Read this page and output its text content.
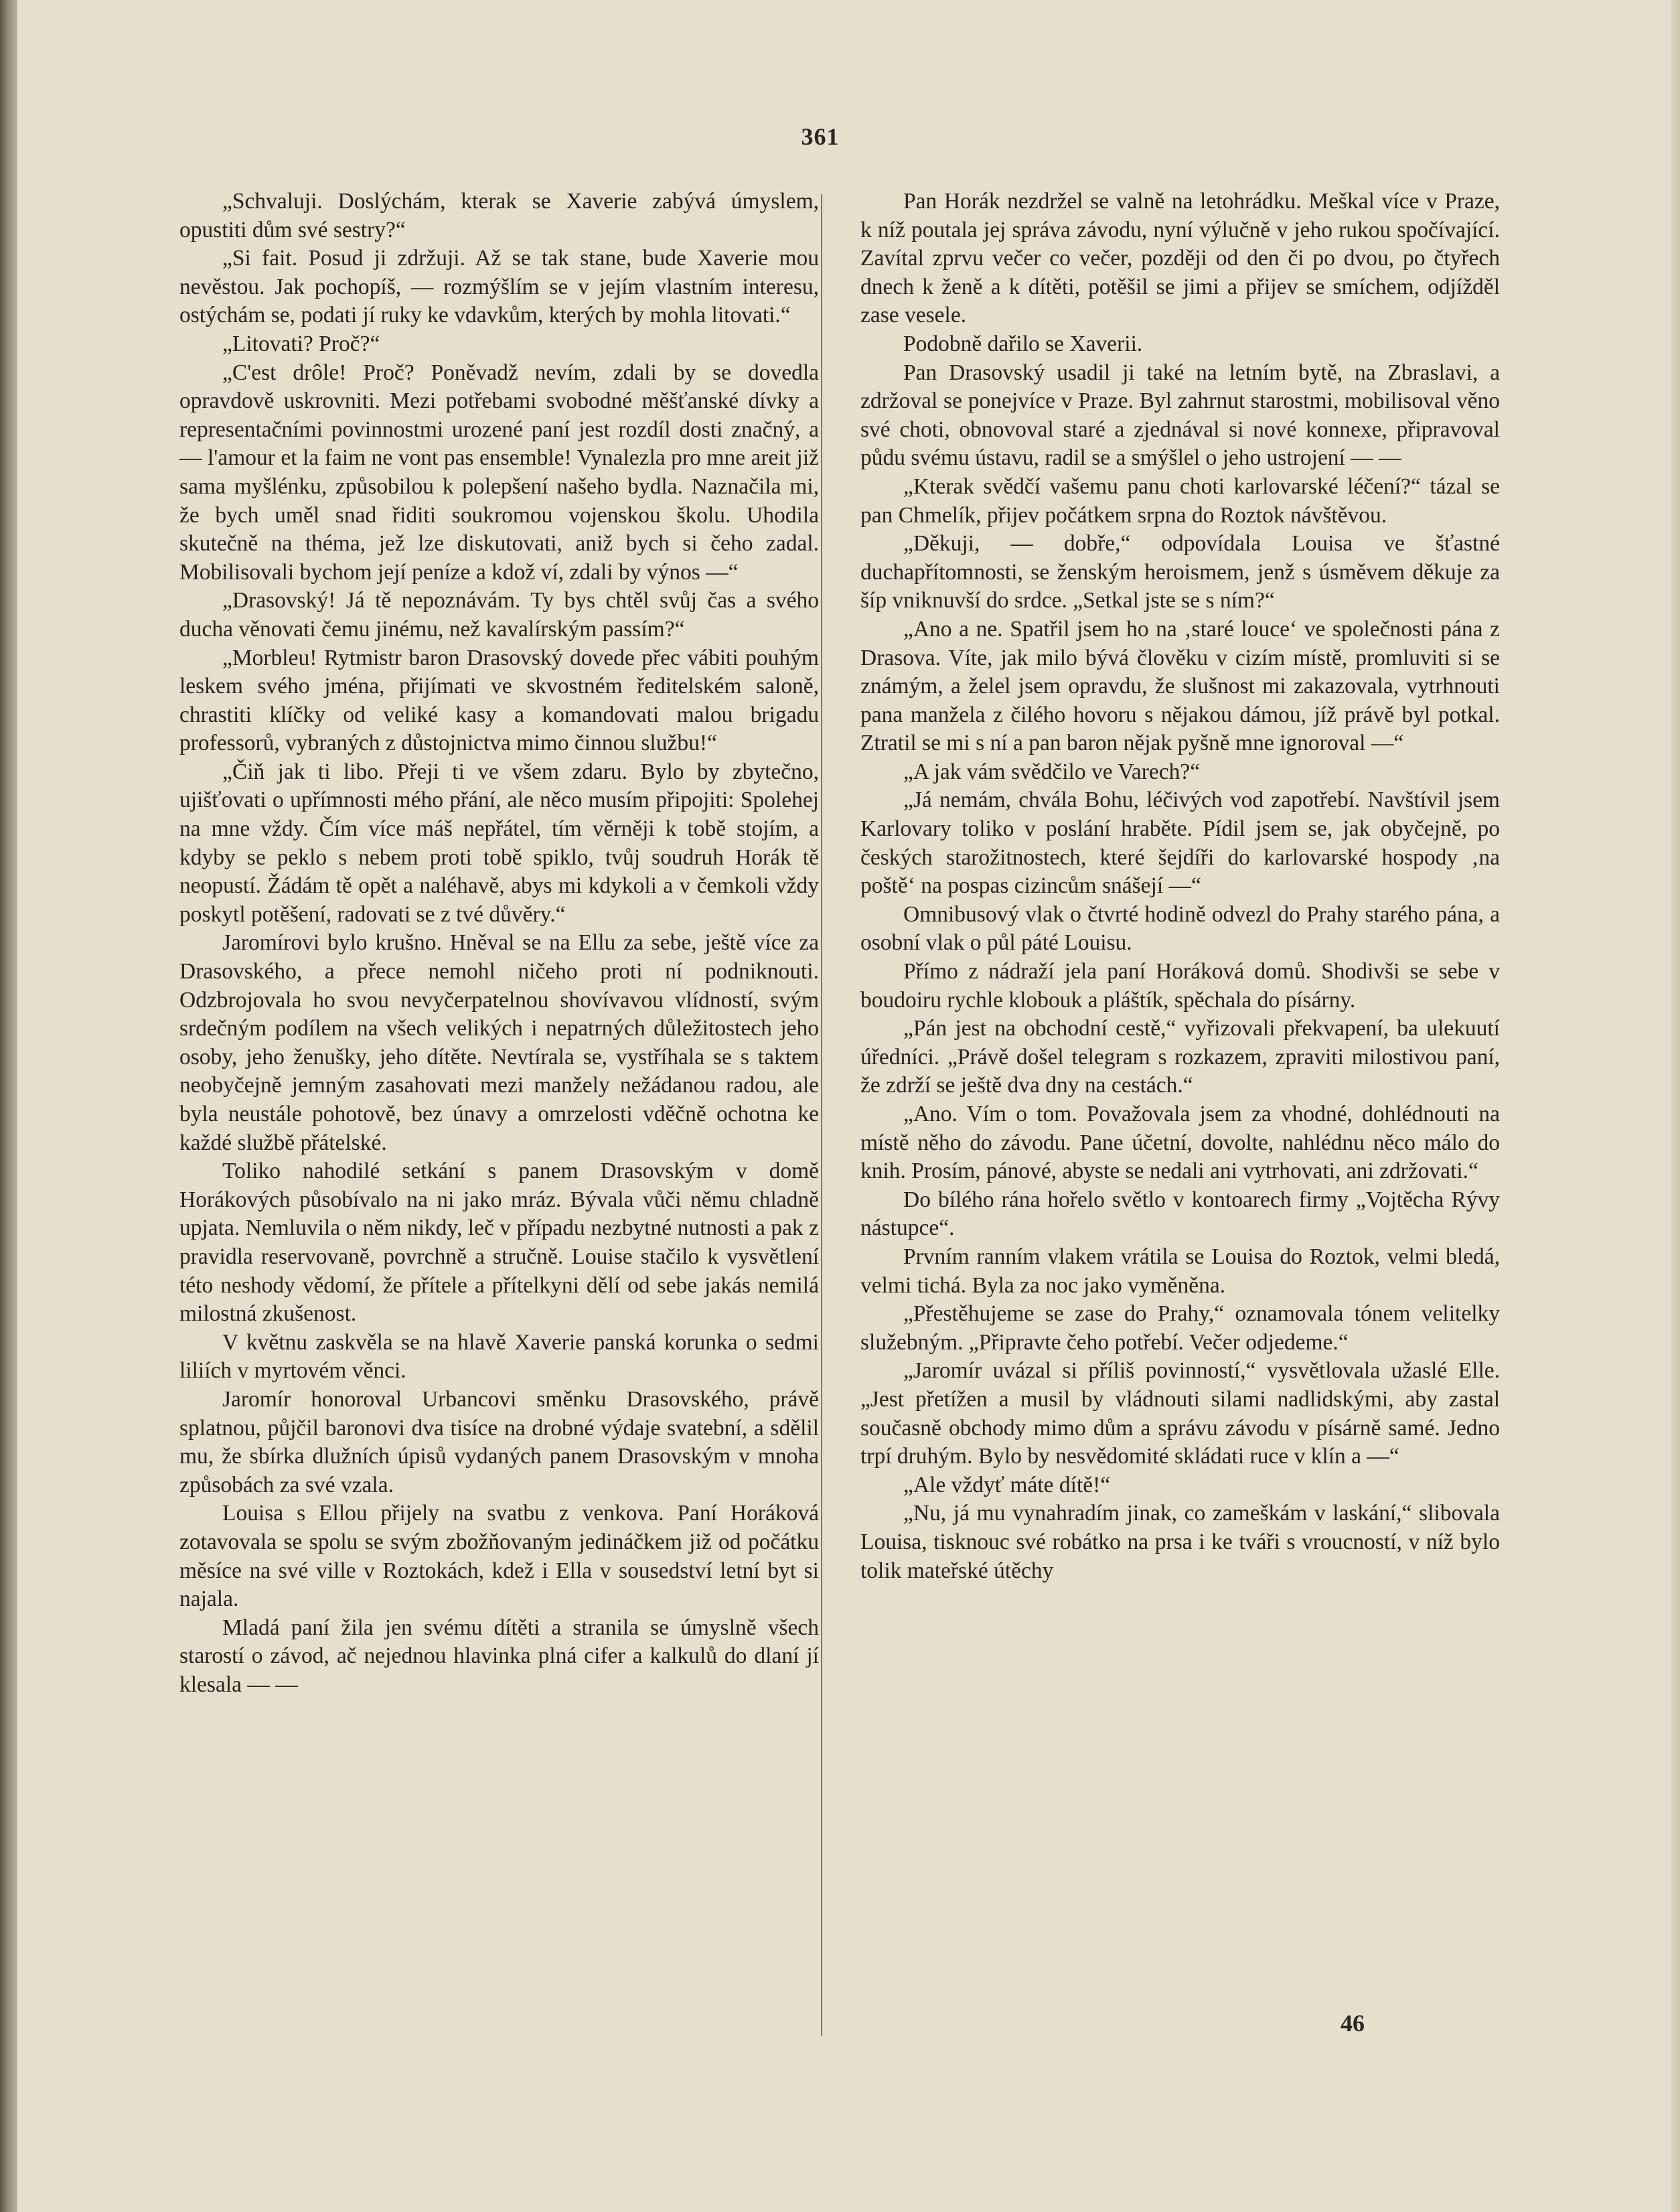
361

„Schvaluji. Doslýchám, kterak se Xaverie zabývá úmyslem, opustiti dům své sestry?“

„Si fait. Posud ji zdržuji. Až se tak stane, bude Xaverie mou nevěstou. Jak pochopíš, — rozmýšlím se v jejím vlastním interesu, ostýchám se, podati jí ruky ke vdavkům, kterých by mohla litovati.“

„Litovati? Proč?“

„C'est drôle! Proč? Poněvadž nevím, zdali by se dovedla opravdově uskrovniti. Mezi potřebami svobodné měšťanské dívky a representačními povinnostmi urozené paní jest rozdíl dosti značný, a — l'amour et la faim ne vont pas ensemble! Vynalezla pro mne areit již sama myšlénku, způsobilou k polepšení našeho bydla. Naznačila mi, že bych uměl snad řiditi soukromou vojenskou školu. Uhodila skutečně na théma, jež lze diskutovati, aniž bych si čeho zadal. Mobilisovali bychom její peníze a kdož ví, zdali by výnos —“

„Drasovský! Já tě nepoznávám. Ty bys chtěl svůj čas a svého ducha věnovati čemu jinému, než kavalírským passím?“

„Morbleu! Rytmistr baron Drasovský dovede přec vábiti pouhým leskem svého jména, přijímati ve skvostném ředitelském saloně, chrastiti klíčky od veliké kasy a komandovati malou brigadu professorů, vybraných z důstojnictva mimo činnou službu!“

„Čiň jak ti libo. Přeji ti ve všem zdaru. Bylo by zbytečno, ujišťovati o upřímnosti mého přání, ale něco musím připojiti: Spolehej na mne vždy. Čím více máš nepřátel, tím věrněji k tobě stojím, a kdyby se peklo s nebem proti tobě spiklo, tvůj soudruh Horák tě neopustí. Žádám tě opět a naléhavě, abys mi kdykoli a v čemkoli vždy poskytl potěšení, radovati se z tvé důvěry.“

Jaromírovi bylo krušno. Hněval se na Ellu za sebe, ještě více za Drasovského, a přece nemohl ničeho proti ní podniknouti. Odzbrojovala ho svou nevyčerpatelnou shovívavou vlídností, svým srdečným podílem na všech velikých i nepatrných důležitostech jeho osoby, jeho ženušky, jeho dítěte. Nevtírala se, vystříhala se s taktem neobyčejně jemným zasahovati mezi manžely nežádanou radou, ale byla neustále pohotově, bez únavy a omrzelosti vděčně ochotna ke každé službě přátelské.

Toliko nahodilé setkání s panem Drasovským v domě Horákových působívalo na ni jako mráz. Bývala vůči němu chladně upjata. Nemluvila o něm nikdy, leč v případu nezbytné nutnosti a pak z pravidla reservovaně, povrchně a stručně. Louise stačilo k vysvětlení této neshody vědomí, že přítele a přítelkyni dělí od sebe jakás nemilá milostná zkušenost.

V květnu zaskvěla se na hlavě Xaverie panská korunka o sedmi liliích v myrtovém věnci.

Jaromír honoroval Urbancovi směnku Drasovského, právě splatnou, půjčil baronovi dva tisíce na drobné výdaje svatební, a sdělil mu, že sbírka dlužních úpisů vydaných panem Drasovským v mnoha způsobách za své vzala.

Louisa s Ellou přijely na svatbu z venkova. Paní Horáková zotavovala se spolu se svým zbožňovaným jedináčkem již od počátku měsíce na své ville v Roztokách, kdež i Ella v sousedství letní byt si najala.

Mladá paní žila jen svému dítěti a stranila se úmyslně všech starostí o závod, ač nejednou hlavinka plná cifer a kalkulů do dlaní jí klesala — —

Pan Horák nezdržel se valně na letohrádku. Meškal více v Praze, k níž poutala jej správa závodu, nyní výlučně v jeho rukou spočívající. Zavítal zprvu večer co večer, později od den či po dvou, po čtyřech dnech k ženě a k dítěti, potěšil se jimi a přijev se smíchem, odjížděl zase vesele.

Podobně dařilo se Xaverii.

Pan Drasovský usadil ji také na letním bytě, na Zbraslavi, a zdržoval se ponejvíce v Praze. Byl zahrnut starostmi, mobilisoval věno své choti, obnovoval staré a zjednával si nové konnexe, připravoval půdu svému ústavu, radil se a smýšlel o jeho ustrojení — —

„Kterak svědčí vašemu panu choti karlovarské léčení?“ tázal se pan Chmelík, přijev počátkem srpna do Roztok návštěvou.

„Děkuji, — dobře,“ odpovídala Louisa ve šťastné duchapřítomnosti, se ženským heroismem, jenž s úsměvem děkuje za šíp vniknuvší do srdce. „Setkal jste se s ním?“

„Ano a ne. Spatřil jsem ho na ‚staré louce‘ ve společnosti pána z Drasova. Víte, jak milo bývá člověku v cizím místě, promluviti si se známým, a želel jsem opravdu, že slušnost mi zakazovala, vytrhnouti pana manžela z čilého hovoru s nějakou dámou, jíž právě byl potkal. Ztratil se mi s ní a pan baron nějak pyšně mne ignoroval —“

„A jak vám svědčilo ve Varech?“

„Já nemám, chvála Bohu, léčivých vod zapotřebí. Navštívil jsem Karlovary toliko v poslání hraběte. Pídil jsem se, jak obyčejně, po českých starožitnostech, které šejdíři do karlovarské hospody ‚na poště‘ na pospas cizincům snášejí —“

Omnibusový vlak o čtvrté hodině odvezl do Prahy starého pána, a osobní vlak o půl páté Louisu.

Přímo z nádraží jela paní Horáková domů. Shodivši se sebe v boudoiru rychle klobouk a pláštík, spěchala do písárny.

„Pán jest na obchodní cestě,“ vyřizovali překvapení, ba ulekuutí úředníci. „Právě došel telegram s rozkazem, zpraviti milostivou paní, že zdrží se ještě dva dny na cestách.“

„Ano. Vím o tom. Považovala jsem za vhodné, dohlédnouti na místě něho do závodu. Pane účetní, dovolte, nahlédnu něco málo do knih. Prosím, pánové, abyste se nedali ani vytrhovati, ani zdržovati.“

Do bílého rána hořelo světlo v kontoarech firmy „Vojtěcha Rývy nástupce“.

Prvním ranním vlakem vrátila se Louisa do Roztok, velmi bledá, velmi tichá. Byla za noc jako vyměněna.

„Přestěhujeme se zase do Prahy,“ oznamovala tónem velitelky služebným. „Připravte čeho potřebí. Večer odjedeme.“

„Jaromír uvázal si příliš povinností,“ vysvětlovala užaslé Elle. „Jest přetížen a musil by vládnouti silami nadlidskými, aby zastal současně obchody mimo dům a správu závodu v písárně samé. Jedno trpí druhým. Bylo by nesvědomité skládati ruce v klín a —“

„Ale vždyť máte dítě!“

„Nu, já mu vynahradím jinak, co zameškám v laskání,“ slibovala Louisa, tisknouc své robátko na prsa i ke tváři s vroucností, v níž bylo tolik mateřské útěchy

46
